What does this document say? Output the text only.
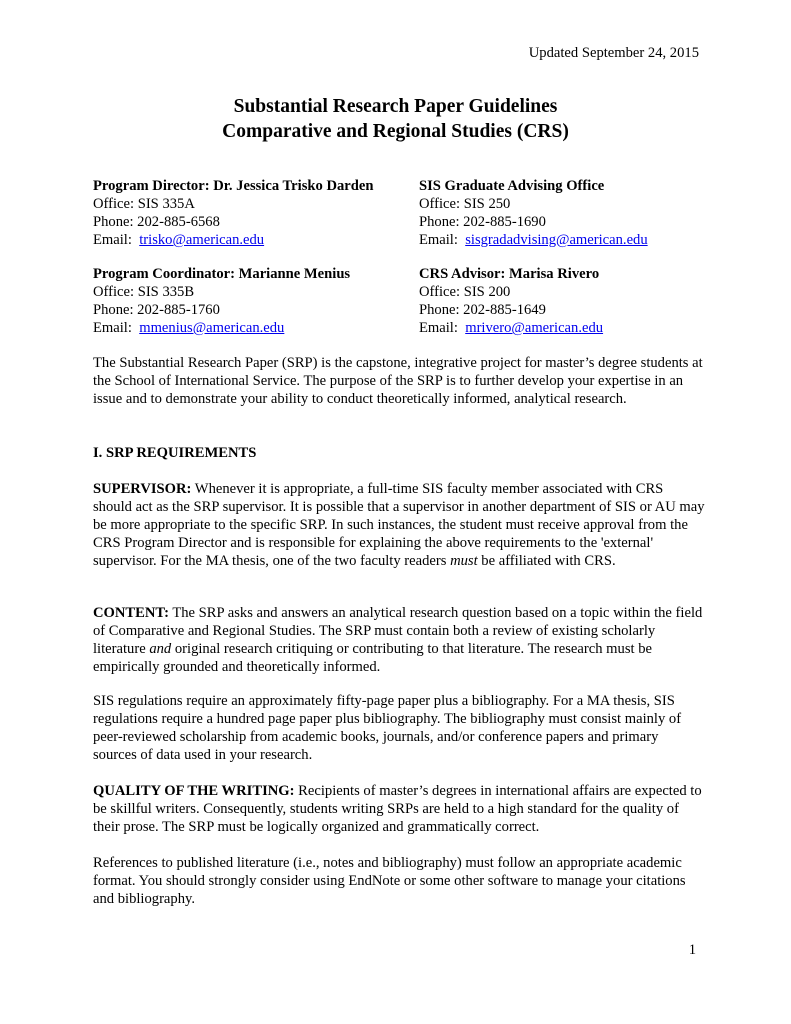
Updated September 24, 2015
Substantial Research Paper Guidelines
Comparative and Regional Studies (CRS)
Program Director: Dr. Jessica Trisko Darden
Office: SIS 335A
Phone: 202-885-6568
Email: trisko@american.edu
SIS Graduate Advising Office
Office: SIS 250
Phone: 202-885-1690
Email: sisgradadvising@american.edu
Program Coordinator: Marianne Menius
Office: SIS 335B
Phone: 202-885-1760
Email: mmenius@american.edu
CRS Advisor: Marisa Rivero
Office: SIS 200
Phone: 202-885-1649
Email: mrivero@american.edu

The Substantial Research Paper (SRP) is the capstone, integrative project for master’s degree students at the School of International Service. The purpose of the SRP is to further develop your expertise in an issue and to demonstrate your ability to conduct theoretically informed, analytical research.

I. SRP REQUIREMENTS

SUPERVISOR: Whenever it is appropriate, a full-time SIS faculty member associated with CRS should act as the SRP supervisor. It is possible that a supervisor in another department of SIS or AU may be more appropriate to the specific SRP. In such instances, the student must receive approval from the CRS Program Director and is responsible for explaining the above requirements to the 'external' supervisor. For the MA thesis, one of the two faculty readers must be affiliated with CRS.

CONTENT: The SRP asks and answers an analytical research question based on a topic within the field of Comparative and Regional Studies. The SRP must contain both a review of existing scholarly literature and original research critiquing or contributing to that literature. The research must be empirically grounded and theoretically informed.

SIS regulations require an approximately fifty-page paper plus a bibliography. For a MA thesis, SIS regulations require a hundred page paper plus bibliography. The bibliography must consist mainly of peer-reviewed scholarship from academic books, journals, and/or conference papers and primary sources of data used in your research.

QUALITY OF THE WRITING: Recipients of master’s degrees in international affairs are expected to be skillful writers. Consequently, students writing SRPs are held to a high standard for the quality of their prose. The SRP must be logically organized and grammatically correct.

References to published literature (i.e., notes and bibliography) must follow an appropriate academic format. You should strongly consider using EndNote or some other software to manage your citations and bibliography.

1
